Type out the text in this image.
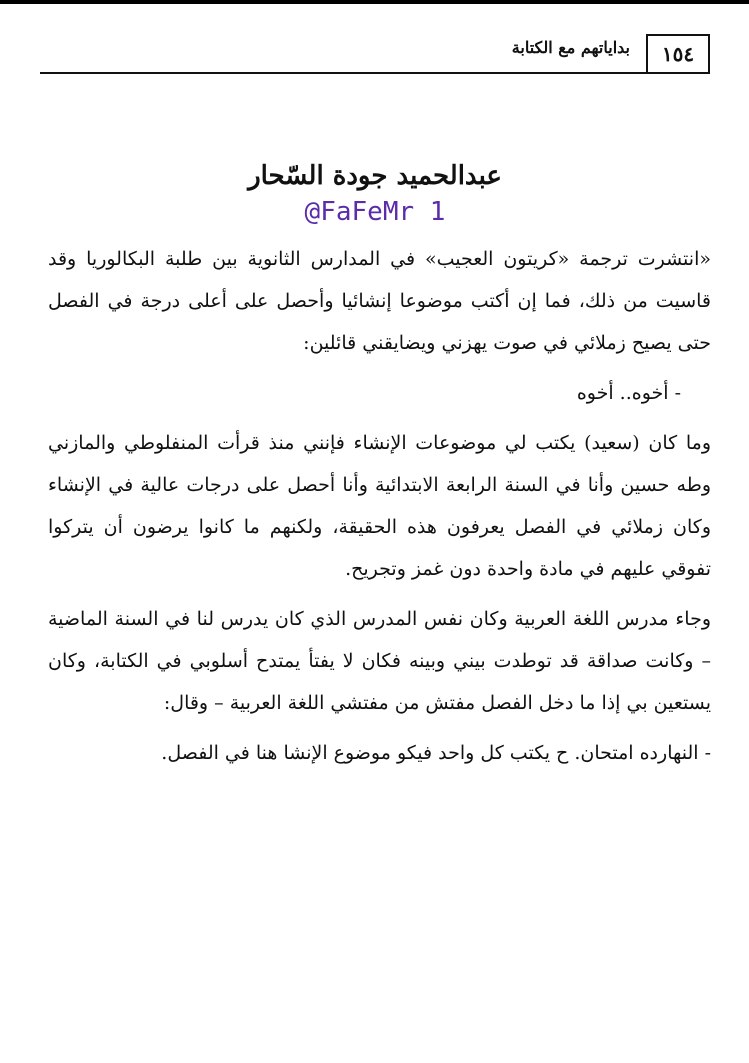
١٥٤
بداياتهم مع الكتابة
عبدالحميد جودة السّحار
@FaFeMr 1

«انتشرت ترجمة «كريتون العجيب» في المدارس الثانوية بين طلبة البكالوريا وقد قاسيت من ذلك، فما إن أكتب موضوعا إنشائيا وأحصل على أعلى درجة في الفصل حتى يصيح زملائي في صوت يهزني ويضايقني قائلين:

- أخوه.. أخوه

وما كان (سعيد) يكتب لي موضوعات الإنشاء فإنني منذ قرأت المنفلوطي والمازني وطه حسين وأنا في السنة الرابعة الابتدائية وأنا أحصل على درجات عالية في الإنشاء وكان زملائي في الفصل يعرفون هذه الحقيقة، ولكنهم ما كانوا يرضون أن يتركوا تفوقي عليهم في مادة واحدة دون غمز وتجريح.

وجاء مدرس اللغة العربية وكان نفس المدرس الذي كان يدرس لنا في السنة الماضية – وكانت صداقة قد توطدت بيني وبينه فكان لا يفتأ يمتدح أسلوبي في الكتابة، وكان يستعين بي إذا ما دخل الفصل مفتش من مفتشي اللغة العربية – وقال:

- النهارده امتحان. ح يكتب كل واحد فيكو موضوع الإنشا هنا في الفصل.
